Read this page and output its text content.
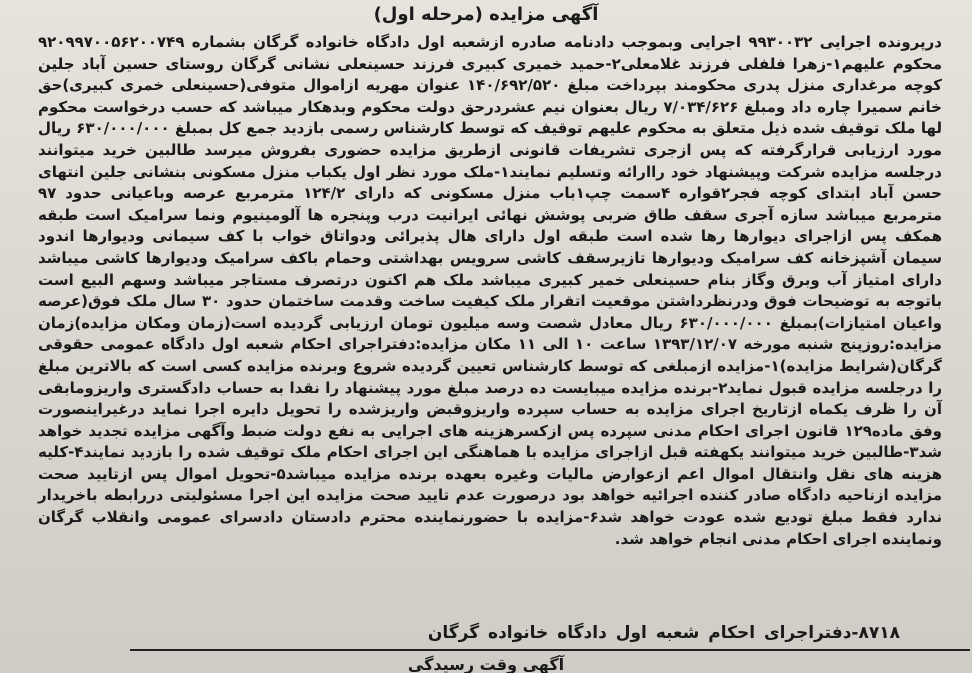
آگهی مزایده (مرحله اول)

درپرونده اجرایی ۹۹۳۰۰۳۲ اجرایی وبموجب دادنامه صادره ازشعبه اول دادگاه خانواده گرگان بشماره ۹۲۰۹۹۷۰۰۵۶۲۰۰۷۴۹ محکوم علیهم۱-زهرا فلفلی فرزند غلامعلی۲-حمید خمیری کبیری فرزند حسینعلی نشانی گرگان روستای حسین آباد جلین کوچه مرغداری منزل پدری محکومند بپرداخت مبلغ ۱۴۰/۶۹۲/۵۲۰ عنوان مهریه ازاموال متوفی(حسینعلی خمری کبیری)حق خانم سمیرا چاره داد ومبلغ ۷/۰۳۴/۶۲۶ ریال بعنوان نیم عشردرحق دولت محکوم وبدهکار میباشد که حسب درخواست محکوم لها ملک توقیف شده ذیل متعلق به محکوم علیهم توقیف که توسط کارشناس رسمی بازدید جمع کل بمبلغ ۶۳۰/۰۰۰/۰۰۰ ریال مورد ارزیابی قرارگرفته که پس ازجری تشریفات قانونی ازطریق مزایده حضوری بفروش میرسد طالبین خرید میتوانند درجلسه مزایده شرکت وپیشنهاد خود راارائه وتسلیم نمایند۱-ملک مورد نظر اول یکباب منزل مسکونی بنشانی جلین انتهای حسن آباد ابتدای کوچه فجر۲قواره ۴سمت چپ۱باب منزل مسکونی که دارای ۱۲۴/۲ مترمربع عرصه وباعیانی حدود ۹۷ مترمربع میباشد سازه آجری سقف طاق ضربی پوشش نهائی ایرانیت درب وپنجره ها آلومینیوم ونما سرامیک است طبقه همکف پس ازاجرای دیوارها رها شده است طبقه اول دارای هال پذیرائی ودواتاق خواب با کف سیمانی ودیوارها اندود سیمان آشپزخانه کف سرامیک ودیوارها تازیرسقف کاشی سرویس بهداشتی وحمام باکف سرامیک ودیوارها کاشی میباشد دارای امتیاز آب وبرق وگاز بنام حسینعلی خمیر کبیری میباشد ملک هم اکنون درتصرف مستاجر میباشد وسهم البیع است باتوجه به توضیحات فوق ودرنظرداشتن موقعیت اتقرار ملک کیفیت ساخت وقدمت ساختمان حدود ۳۰ سال ملک فوق(عرصه واعیان امتیازات)بمبلغ ۶۳۰/۰۰۰/۰۰۰ ریال معادل شصت وسه میلیون تومان ارزیابی گردیده است(زمان ومکان مزایده)زمان مزایده:روزپنج شنبه مورخه ۱۳۹۳/۱۲/۰۷ ساعت ۱۰ الی ۱۱ مکان مزایده:دفتراجرای احکام شعبه اول دادگاه عمومی حقوقی گرگان(شرایط مزایده)۱-مزایده ازمبلغی که توسط کارشناس تعیین گردیده شروع وبرنده مزایده کسی است که بالاترین مبلغ را درجلسه مزایده قبول نماید۲-برنده مزایده میبایست ده درصد مبلغ مورد پیشنهاد را نقدا به حساب دادگستری واریزومابقی آن را ظرف یکماه ازتاریخ اجرای مزایده به حساب سپرده واریزوقبض واریزشده را تحویل دایره اجرا نماید درغیراینصورت وفق ماده۱۲۹ قانون اجرای احکام مدنی سپرده پس ازکسرهزینه های اجرایی به نفع دولت ضبط وآگهی مزایده تجدید خواهد شد۳-طالبین خرید میتوانند یکهفته قبل ازاجرای مزایده با هماهنگی این اجرای احکام ملک توقیف شده را بازدید نمایند۴-کلیه هزینه های نقل وانتقال اموال اعم ازعوارض مالیات وغیره بعهده برنده مزایده میباشد۵-تحویل اموال پس ازتایید صحت مزایده ازناحیه دادگاه صادر کننده اجرائیه خواهد بود درصورت عدم تایید صحت مزایده این اجرا مسئولیتی دررابطه باخریدار ندارد فقط مبلغ تودیع شده عودت خواهد شد۶-مزایده با حضورنماینده محترم دادستان دادسرای عمومی وانقلاب گرگان ونماینده اجرای احکام مدنی انجام خواهد شد.

۸۷۱۸-دفتراجرای احکام شعبه اول دادگاه خانواده گرگان
آگهی وقت رسیدگی
